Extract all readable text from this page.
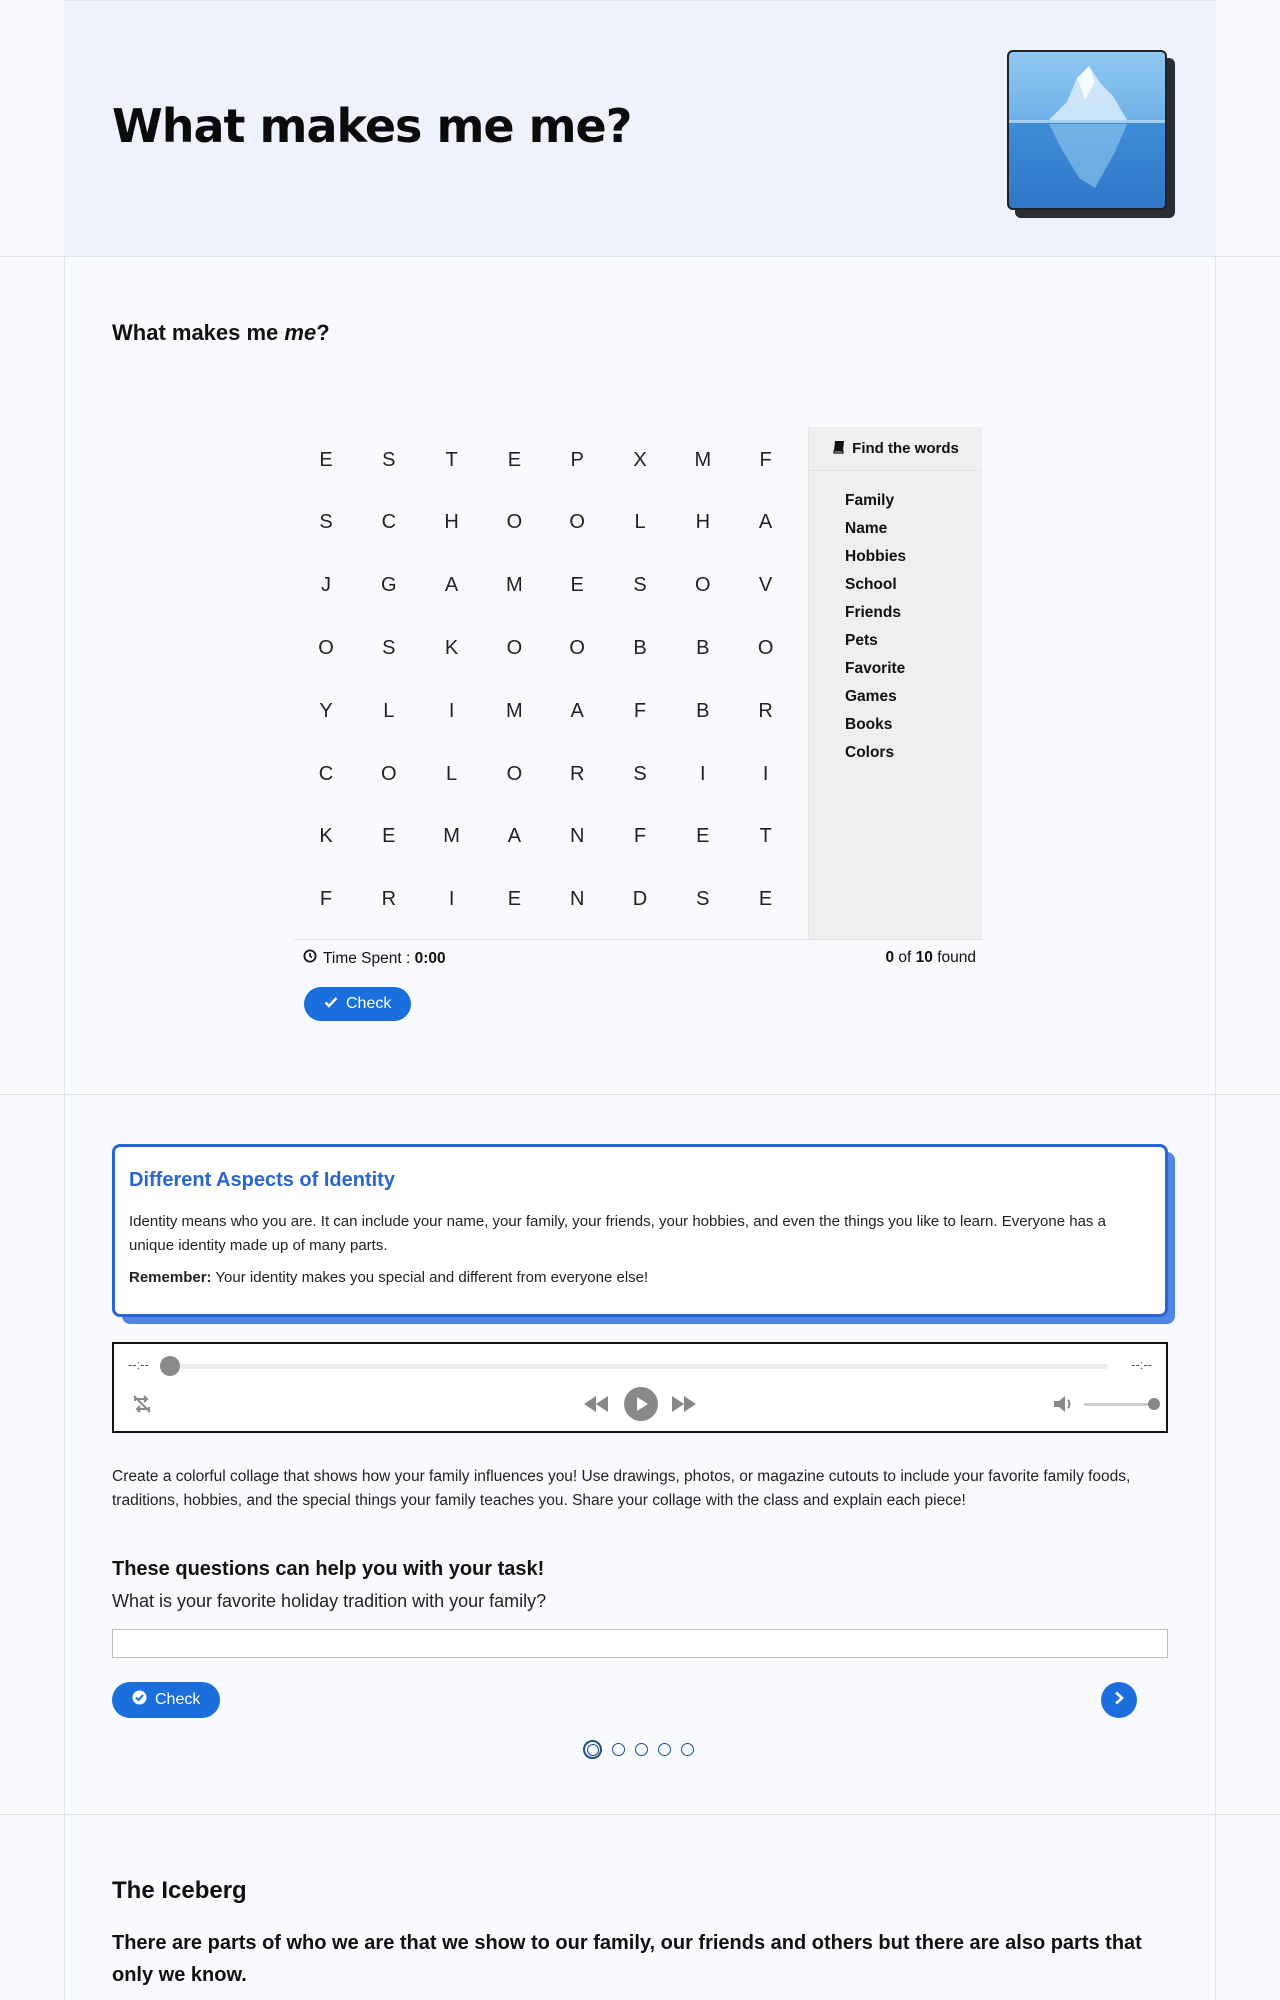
What makes me me?
What makes me me?
E	S	T	E	P	X	M	F
S	C	H	O	O	L	H	A
J	G	A	M	E	S	O	V
O	S	K	O	O	B	B	O
Y	L	I	M	A	F	B	R
C	O	L	O	R	S	I	I
K	E	M	A	N	F	E	T
F	R	I	E	N	D	S	E
Find the words
Family
Name
Hobbies
School
Friends
Pets
Favorite
Games
Books
Colors
Time Spent : 0:00	0 of 10 found
Check
Different Aspects of Identity

Identity means who you are. It can include your name, your family, your friends, your hobbies, and even the things you like to learn. Everyone has a unique identity made up of many parts.

Remember: Your identity makes you special and different from everyone else!

--:--	--:--

Create a colorful collage that shows how your family influences you! Use drawings, photos, or magazine cutouts to include your favorite family foods, traditions, hobbies, and the special things your family teaches you. Share your collage with the class and explain each piece!

These questions can help you with your task!
What is your favorite holiday tradition with your family?
Check
The Iceberg
There are parts of who we are that we show to our family, our friends and others but there are also parts that only we know.
